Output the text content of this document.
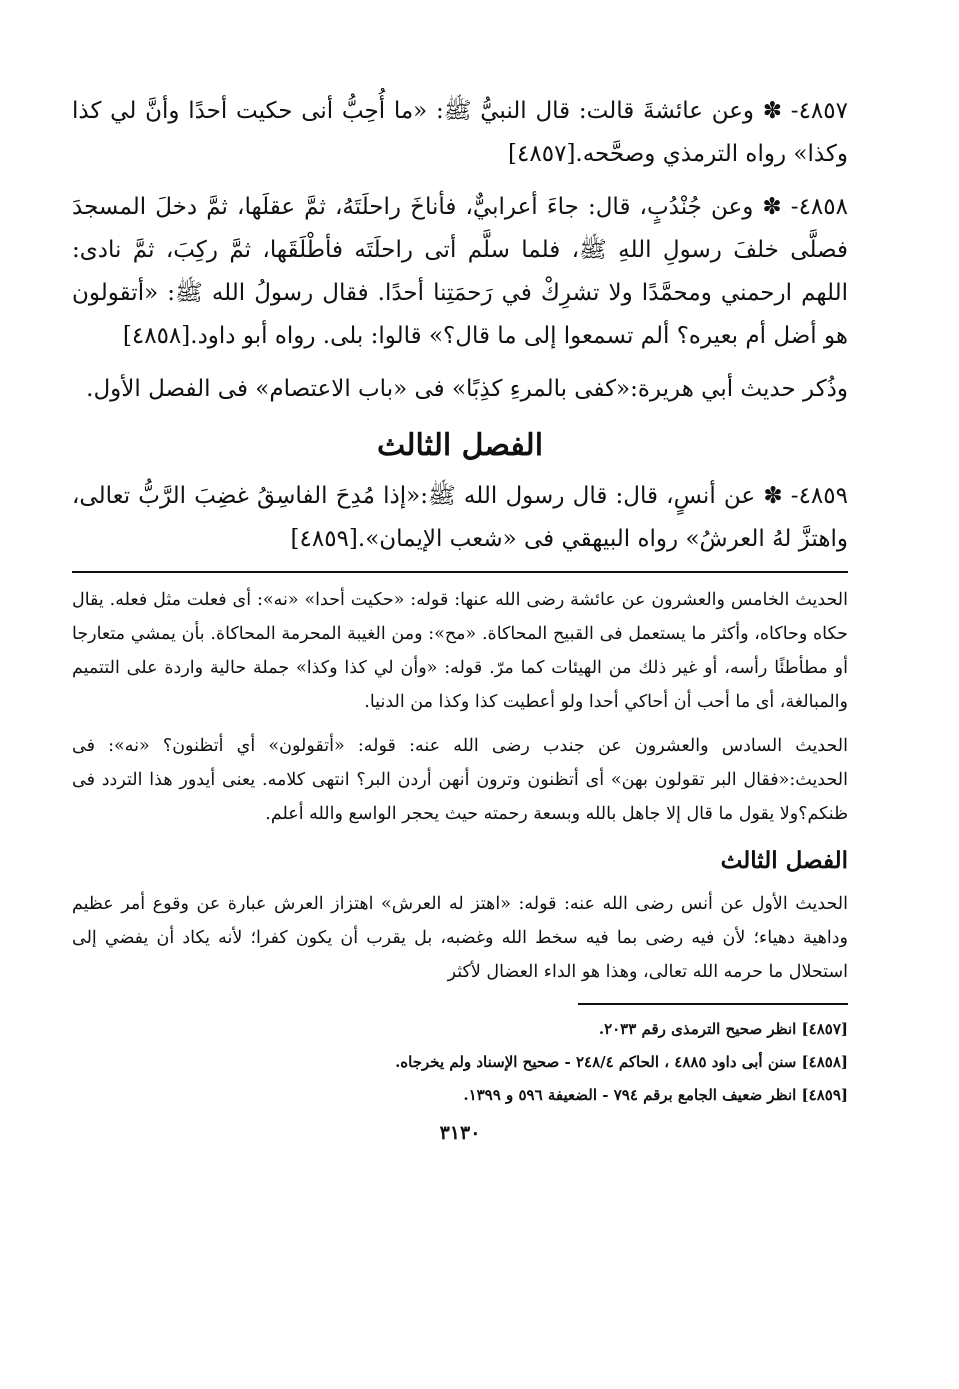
٤٨٥٧- ✽ وعن عائشةَ قالت: قال النبيُّ ﷺ: «ما أُحِبُّ أنى حكيت أحدًا وأنَّ لي كذا وكذا» رواه الترمذي وصحَّحه.[٤٨٥٧]

٤٨٥٨- ✽ وعن جُنْدُبٍ، قال: جاءَ أعرابيٌّ، فأناخَ راحلَتَهُ، ثمَّ عقلَها، ثمَّ دخلَ المسجدَ فصلَّى خلفَ رسولِ اللهِ ﷺ، فلما سلَّم أتى راحلَتَه فأطْلَقَها، ثمَّ ركِبَ، ثمَّ نادى: اللهم ارحمني ومحمَّدًا ولا تشرِكْ في رَحمَتِنا أحدًا. فقال رسولُ الله ﷺ: «أتقولون هو أضل أم بعيره؟ ألم تسمعوا إلى ما قال؟» قالوا: بلى. رواه أبو داود.[٤٨٥٨]

وذُكر حديث أبي هريرة:«كفى بالمرءِ كذِبًا» فى «باب الاعتصام» فى الفصل الأول.

الفصل الثالث

٤٨٥٩- ✽ عن أنسٍ، قال: قال رسول الله ﷺ:«إذا مُدِحَ الفاسِقُ غضِبَ الرَّبُّ تعالى، واهتزَّ لهُ العرشُ» رواه البيهقي فى «شعب الإيمان».[٤٨٥٩]

الحديث الخامس والعشرون عن عائشة رضى الله عنها: قوله: «حكيت أحدا» «نه»: أى فعلت مثل فعله. يقال حكاه وحاكاه، وأكثر ما يستعمل فى القبيح المحاكاة. «مح»: ومن الغيبة المحرمة المحاكاة. بأن يمشي متعارجا أو مطأطئًا رأسه، أو غير ذلك من الهيئات كما مرّ. قوله: «وأن لي كذا وكذا» جملة حالية واردة على التتميم والمبالغة، أى ما أحب أن أحاكي أحدا ولو أعطيت كذا وكذا من الدنيا.

الحديث السادس والعشرون عن جندب رضى الله عنه: قوله: «أتقولون» أي أتظنون؟ «نه»: فى الحديث:«فقال البر تقولون بهن» أى أتظنون وترون أنهن أردن البر؟ انتهى كلامه. يعنى أيدور هذا التردد فى ظنكم؟ولا يقول ما قال إلا جاهل بالله وبسعة رحمته حيث يحجر الواسع والله أعلم.

الفصل الثالث

الحديث الأول عن أنس رضى الله عنه: قوله: «اهتز له العرش» اهتزاز العرش عبارة عن وقوع أمر عظيم وداهية دهياء؛ لأن فيه رضى بما فيه سخط الله وغضبه، بل يقرب أن يكون كفرا؛ لأنه يكاد أن يفضي إلى استحلال ما حرمه الله تعالى، وهذا هو الداء العضال لأكثر

[٤٨٥٧] انظر صحيح الترمذى رقم ٢٠٣٣.

[٤٨٥٨] سنن أبى داود ٤٨٨٥ ، الحاكم ٢٤٨/٤ - صحيح الإسناد ولم يخرجاه.

[٤٨٥٩] انظر ضعيف الجامع برقم ٧٩٤ - الضعيفة ٥٩٦ و ١٣٩٩.

٣١٣٠
